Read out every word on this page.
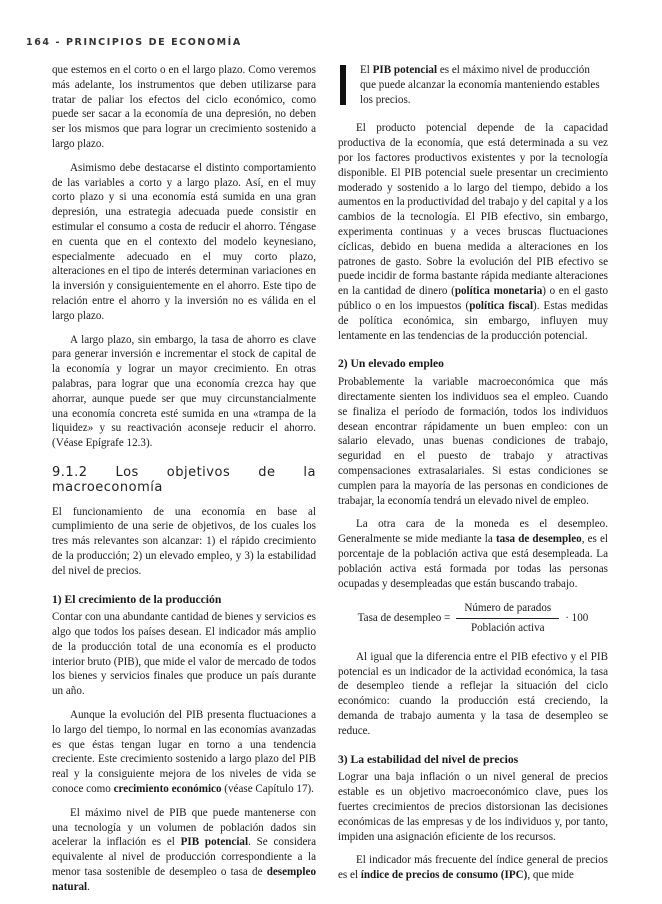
164 - PRINCIPIOS DE ECONOMÍA

que estemos en el corto o en el largo plazo. Como veremos más adelante, los instrumentos que deben utilizarse para tratar de paliar los efectos del ciclo económico, como puede ser sacar a la economía de una depresión, no deben ser los mismos que para lograr un crecimiento sostenido a largo plazo.

Asimismo debe destacarse el distinto comportamiento de las variables a corto y a largo plazo. Así, en el muy corto plazo y si una economía está sumida en una gran depresión, una estrategia adecuada puede consistir en estimular el consumo a costa de reducir el ahorro. Téngase en cuenta que en el contexto del modelo keynesiano, especialmente adecuado en el muy corto plazo, alteraciones en el tipo de interés determinan variaciones en la inversión y consiguientemente en el ahorro. Este tipo de relación entre el ahorro y la inversión no es válida en el largo plazo.

A largo plazo, sin embargo, la tasa de ahorro es clave para generar inversión e incrementar el stock de capital de la economía y lograr un mayor crecimiento. En otras palabras, para lograr que una economía crezca hay que ahorrar, aunque puede ser que muy circunstancialmente una economía concreta esté sumida en una «trampa de la liquidez» y su reactivación aconseje reducir el ahorro. (Véase Epígrafe 12.3).

9.1.2 Los objetivos de la macroeconomía

El funcionamiento de una economía en base al cumplimiento de una serie de objetivos, de los cuales los tres más relevantes son alcanzar: 1) el rápido crecimiento de la producción; 2) un elevado empleo, y 3) la estabilidad del nivel de precios.

1) El crecimiento de la producción

Contar con una abundante cantidad de bienes y servicios es algo que todos los países desean. El indicador más amplio de la producción total de una economía es el producto interior bruto (PIB), que mide el valor de mercado de todos los bienes y servicios finales que produce un país durante un año.

Aunque la evolución del PIB presenta fluctuaciones a lo largo del tiempo, lo normal en las economías avanzadas es que éstas tengan lugar en torno a una tendencia creciente. Este crecimiento sostenido a largo plazo del PIB real y la consiguiente mejora de los niveles de vida se conoce como crecimiento económico (véase Capítulo 17).

El máximo nivel de PIB que puede mantenerse con una tecnología y un volumen de población dados sin acelerar la inflación es el PIB potencial. Se considera equivalente al nivel de producción correspondiente a la menor tasa sostenible de desempleo o tasa de desempleo natural.

El PIB potencial es el máximo nivel de producción que puede alcanzar la economía manteniendo estables los precios.

El producto potencial depende de la capacidad productiva de la economía, que está determinada a su vez por los factores productivos existentes y por la tecnología disponible. El PIB potencial suele presentar un crecimiento moderado y sostenido a lo largo del tiempo, debido a los aumentos en la productividad del trabajo y del capital y a los cambios de la tecnología. El PIB efectivo, sin embargo, experimenta continuas y a veces bruscas fluctuaciones cíclicas, debido en buena medida a alteraciones en los patrones de gasto. Sobre la evolución del PIB efectivo se puede incidir de forma bastante rápida mediante alteraciones en la cantidad de dinero (política monetaria) o en el gasto público o en los impuestos (política fiscal). Estas medidas de política económica, sin embargo, influyen muy lentamente en las tendencias de la producción potencial.

2) Un elevado empleo

Probablemente la variable macroeconómica que más directamente sienten los individuos sea el empleo. Cuando se finaliza el período de formación, todos los individuos desean encontrar rápidamente un buen empleo: con un salario elevado, unas buenas condiciones de trabajo, seguridad en el puesto de trabajo y atractivas compensaciones extrasalariales. Si estas condiciones se cumplen para la mayoría de las personas en condiciones de trabajar, la economía tendrá un elevado nivel de empleo.

La otra cara de la moneda es el desempleo. Generalmente se mide mediante la tasa de desempleo, es el porcentaje de la población activa que está desempleada. La población activa está formada por todas las personas ocupadas y desempleadas que están buscando trabajo.

Tasa de desempleo = $\frac{\text{Número de parados}}{\text{Población activa}} \cdot 100$

Al igual que la diferencia entre el PIB efectivo y el PIB potencial es un indicador de la actividad económica, la tasa de desempleo tiende a reflejar la situación del ciclo económico: cuando la producción está creciendo, la demanda de trabajo aumenta y la tasa de desempleo se reduce.

3) La estabilidad del nivel de precios

Lograr una baja inflación o un nivel general de precios estable es un objetivo macroeconómico clave, pues los fuertes crecimientos de precios distorsionan las decisiones económicas de las empresas y de los individuos y, por tanto, impiden una asignación eficiente de los recursos.

El indicador más frecuente del índice general de precios es el índice de precios de consumo (IPC), que mide
